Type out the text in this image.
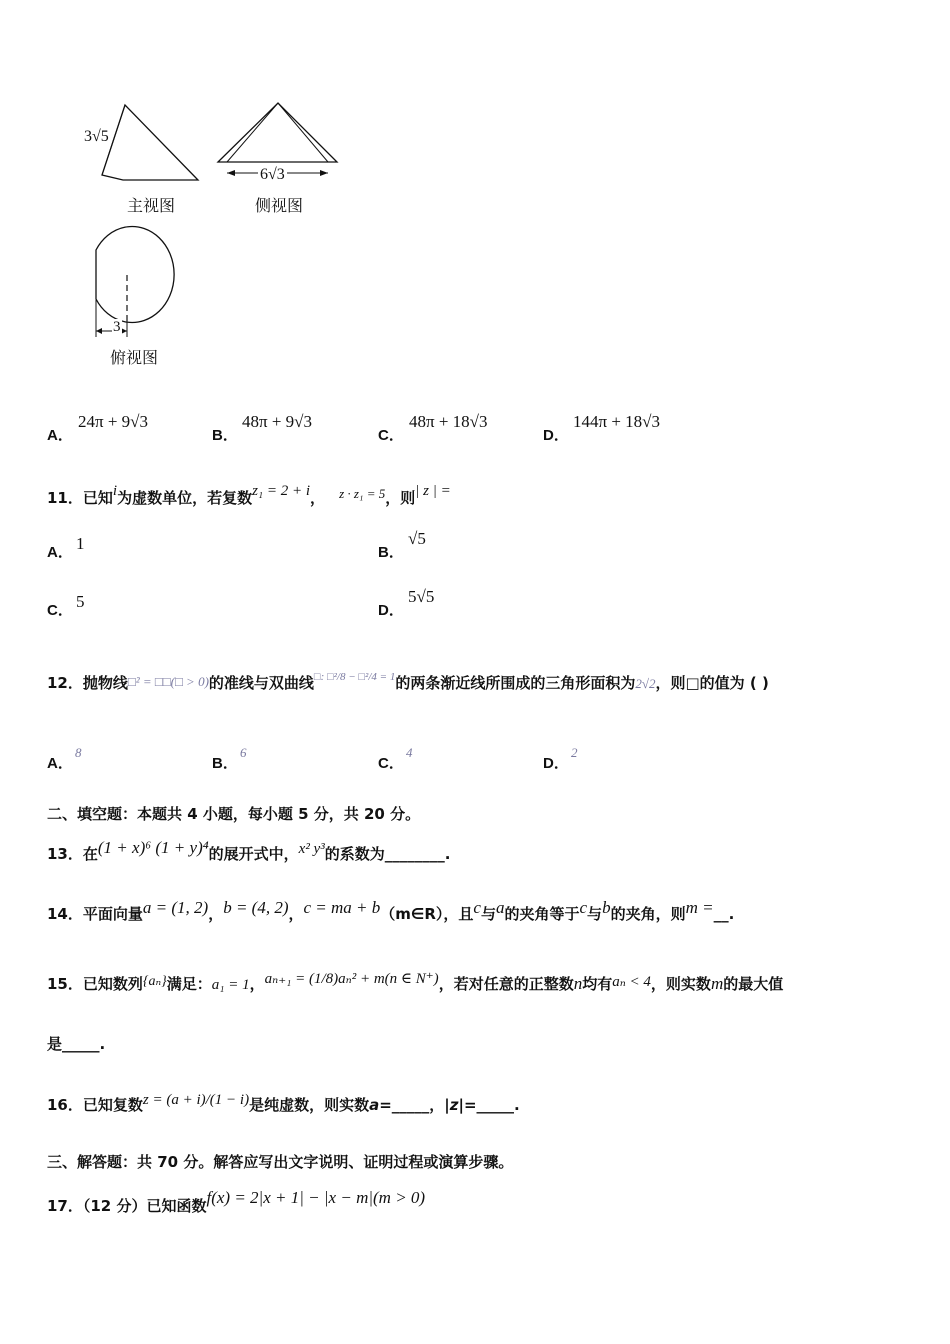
3√5
主视图
6√3
侧视图
3
俯视图
A．
24π + 9√3
B．
48π + 9√3
C．
48π + 18√3
D．
144π + 18√3
11．已知i为虚数单位，若复数z₁ = 2 + i， z · z₁ = 5，则| z | =
A． 1	B．
√5
C． 5	D．
5√5
12．抛物线□² = □□(□ > 0)的准线与双曲线$^{□: □^2/8 - □^2/4 = 1}$的两条渐近线所围成的三角形面积为2√2，则□的值为 ( )
A．
8
B．
6
C．
4
D．
2
二、填空题：本题共 4 小题，每小题 5 分，共 20 分。
13．在(1 + x)⁶ (1 + y)⁴的展开式中，x² y³的系数为________.
14．平面向量a = (1, 2)，b = (4, 2)，c = ma + b（m∈R），且c与a的夹角等于c与b的夹角，则m =__.
15．已知数列{aₙ}满足：a₁ = 1，aₙ₊₁ = (1/8)aₙ² + m(n ∈ N⁺)，若对任意的正整数n均有aₙ < 4，则实数m的最大值
是_____.
16．已知复数z = (a + i)/(1 − i)是纯虚数，则实数a=_____，|z|=_____.
三、解答题：共 70 分。解答应写出文字说明、证明过程或演算步骤。
17．（12 分）已知函数f(x) = 2|x + 1| − |x − m|(m > 0)
